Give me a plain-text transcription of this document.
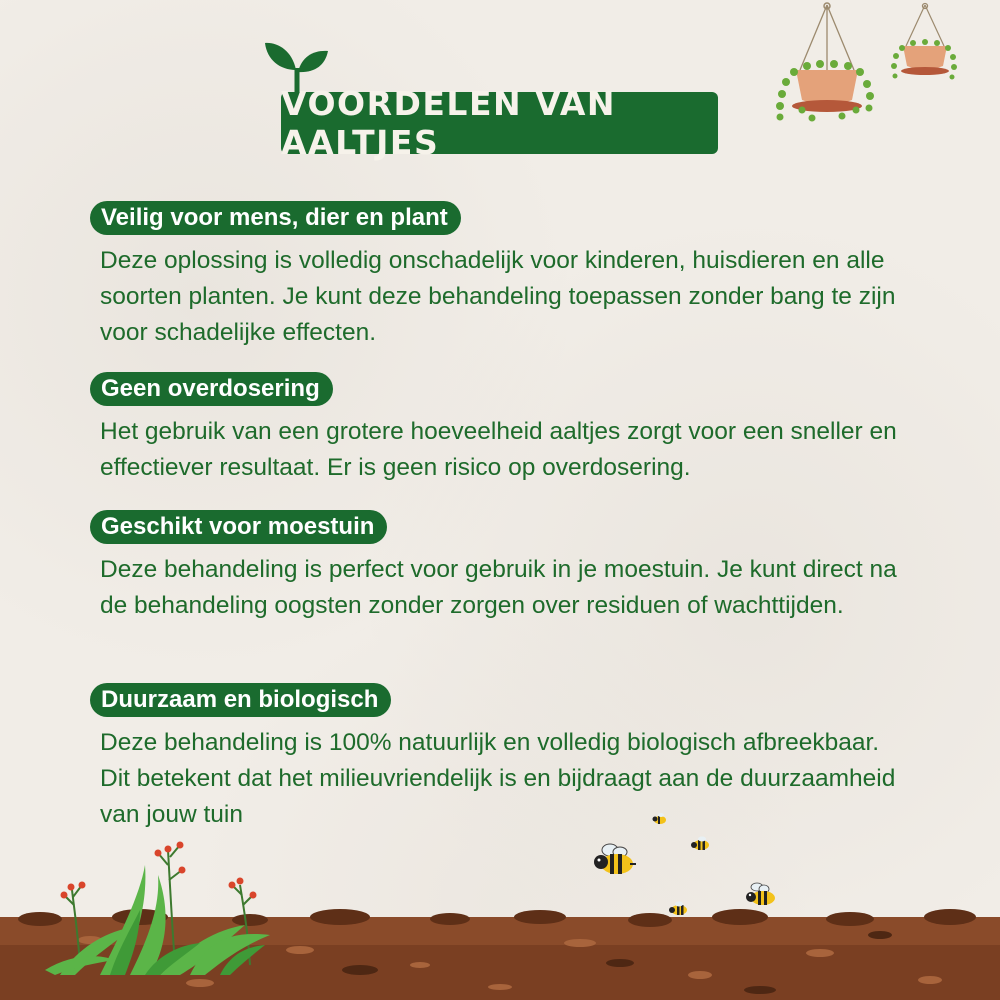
VOORDELEN VAN AALTJES
Veilig voor mens, dier en plant
Deze oplossing is volledig onschadelijk voor kinderen, huisdieren en alle soorten planten. Je kunt deze behandeling toepassen zonder bang te zijn voor schadelijke effecten.
Geen overdosering
Het gebruik van een grotere hoeveelheid aaltjes zorgt voor een sneller en effectiever resultaat. Er is geen risico op overdosering.
Geschikt voor moestuin
Deze behandeling is perfect voor gebruik in je moestuin. Je kunt direct na de behandeling oogsten zonder zorgen over residuen of wachttijden.
Duurzaam en biologisch
Deze behandeling is 100% natuurlijk en volledig biologisch afbreekbaar. Dit betekent dat het milieuvriendelijk is en bijdraagt aan de duurzaamheid van jouw tuin
